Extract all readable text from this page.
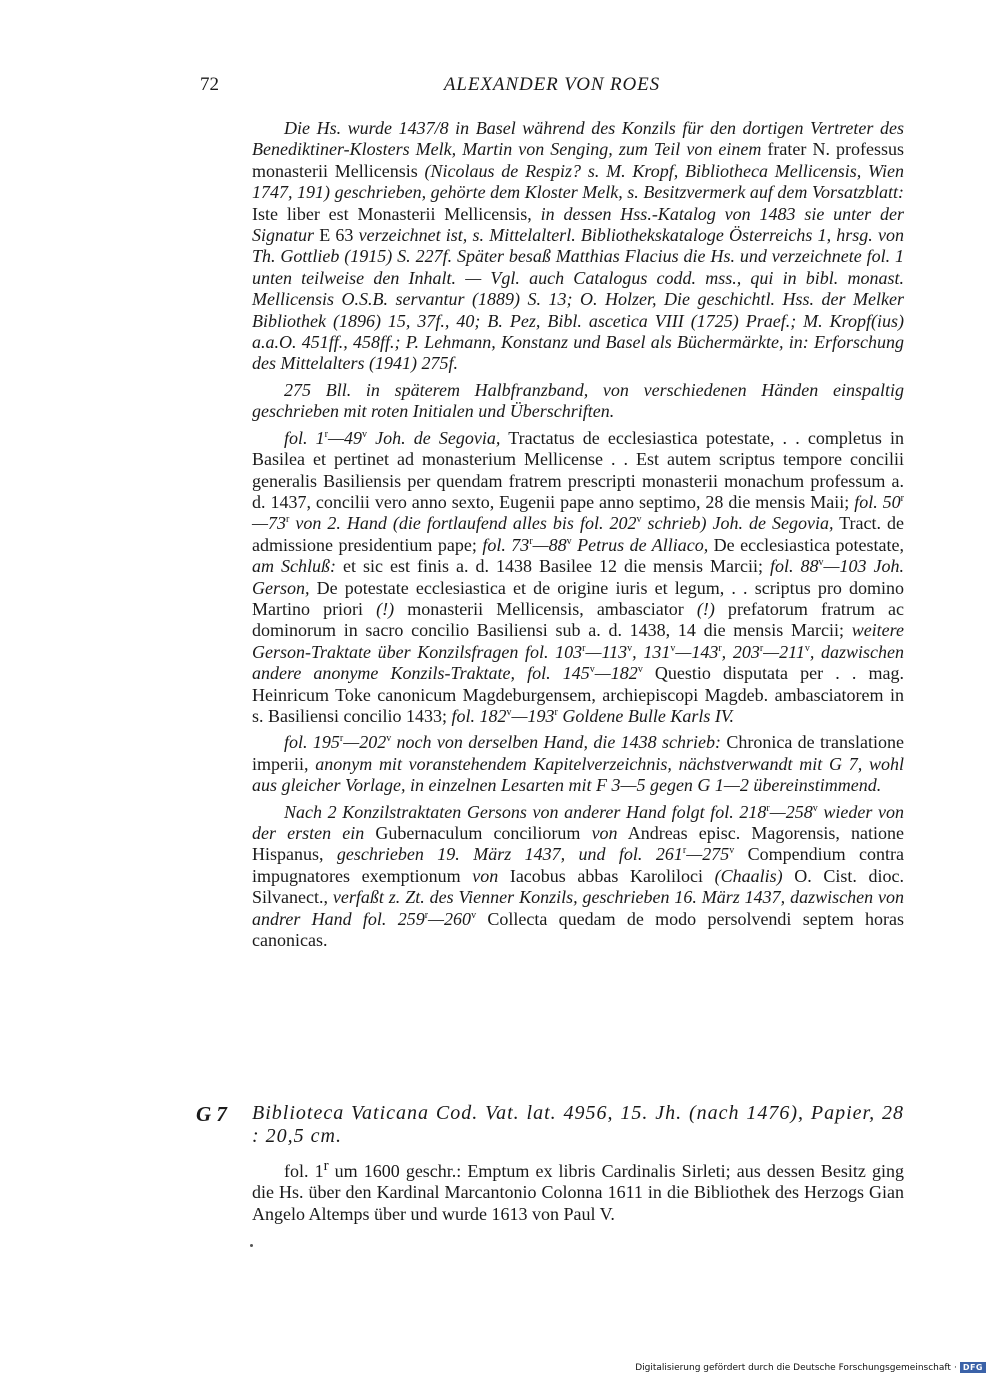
72	ALEXANDER VON ROES

Die Hs. wurde 1437/8 in Basel während des Konzils für den dortigen Vertreter des Benediktiner-Klosters Melk, Martin von Senging, zum Teil von einem frater N. professus monasterii Mellicensis (Nicolaus de Respiz? s. M. Kropf, Bibliotheca Mellicensis, Wien 1747, 191) geschrieben, gehörte dem Kloster Melk, s. Besitzvermerk auf dem Vorsatzblatt: Iste liber est Monasterii Mellicensis, in dessen Hss.-Katalog von 1483 sie unter der Signatur E 63 verzeichnet ist, s. Mittelalterl. Bibliothekskataloge Österreichs 1, hrsg. von Th. Gottlieb (1915) S. 227f. Später besaß Matthias Flacius die Hs. und verzeichnete fol. 1 unten teilweise den Inhalt. — Vgl. auch Catalogus codd. mss., qui in bibl. monast. Mellicensis O.S.B. servantur (1889) S. 13; O. Holzer, Die geschichtl. Hss. der Melker Bibliothek (1896) 15, 37f., 40; B. Pez, Bibl. ascetica VIII (1725) Praef.; M. Kropf(ius) a.a.O. 451ff., 458ff.; P. Lehmann, Konstanz und Basel als Büchermärkte, in: Erforschung des Mittelalters (1941) 275f.

275 Bll. in späterem Halbfranzband, von verschiedenen Händen einspaltig geschrieben mit roten Initialen und Überschriften.

fol. 1$^r$—49$^v$ Joh. de Segovia, Tractatus de ecclesiastica potestate, . . completus in Basilea et pertinet ad monasterium Mellicense . . Est autem scriptus tempore concilii generalis Basiliensis per quendam fratrem prescripti monasterii monachum professum a. d. 1437, concilii vero anno sexto, Eugenii pape anno septimo, 28 die mensis Maii; fol. 50$^r$—73$^r$ von 2. Hand (die fortlaufend alles bis fol. 202$^v$ schrieb) Joh. de Segovia, Tract. de admissione presidentium pape; fol. 73$^r$—88$^v$ Petrus de Alliaco, De ecclesiastica potestate, am Schluß: et sic est finis a. d. 1438 Basilee 12 die mensis Marcii; fol. 88$^v$—103 Joh. Gerson, De potestate ecclesiastica et de origine iuris et legum, . . scriptus pro domino Martino priori (!) monasterii Mellicensis, ambasciator (!) prefatorum fratrum ac dominorum in sacro concilio Basiliensi sub a. d. 1438, 14 die mensis Marcii; weitere Gerson-Traktate über Konzilsfragen fol. 103$^r$—113$^v$, 131$^v$—143$^r$, 203$^r$—211$^v$, dazwischen andere anonyme Konzils-Traktate, fol. 145$^v$—182$^v$ Questio disputata per . . mag. Heinricum Toke canonicum Magdeburgensem, archiepiscopi Magdeb. ambasciatorem in s. Basiliensi concilio 1433; fol. 182$^v$—193$^r$ Goldene Bulle Karls IV.

fol. 195$^r$—202$^v$ noch von derselben Hand, die 1438 schrieb: Chronica de translatione imperii, anonym mit voranstehendem Kapitelverzeichnis, nächstverwandt mit G 7, wohl aus gleicher Vorlage, in einzelnen Lesarten mit F 3—5 gegen G 1—2 übereinstimmend.

Nach 2 Konzilstraktaten Gersons von anderer Hand folgt fol. 218$^r$—258$^v$ wieder von der ersten ein Gubernaculum conciliorum von Andreas episc. Magorensis, natione Hispanus, geschrieben 19. März 1437, und fol. 261$^r$—275$^v$ Compendium contra impugnatores exemptionum von Iacobus abbas Karoliloci (Chaalis) O. Cist. dioc. Silvanect., verfaßt z. Zt. des Vienner Konzils, geschrieben 16. März 1437, dazwischen von andrer Hand fol. 259$^r$—260$^v$ Collecta quedam de modo persolvendi septem horas canonicas.

G 7 Biblioteca Vaticana Cod. Vat. lat. 4956, 15. Jh. (nach 1476), Papier, 28 : 20,5 cm.

fol. 1$^r$ um 1600 geschr.: Emptum ex libris Cardinalis Sirleti; aus dessen Besitz ging die Hs. über den Kardinal Marcantonio Colonna 1611 in die Bibliothek des Herzogs Gian Angelo Altemps über und wurde 1613 von Paul V.

Digitalisierung gefördert durch die Deutsche Forschungsgemeinschaft · DFG
